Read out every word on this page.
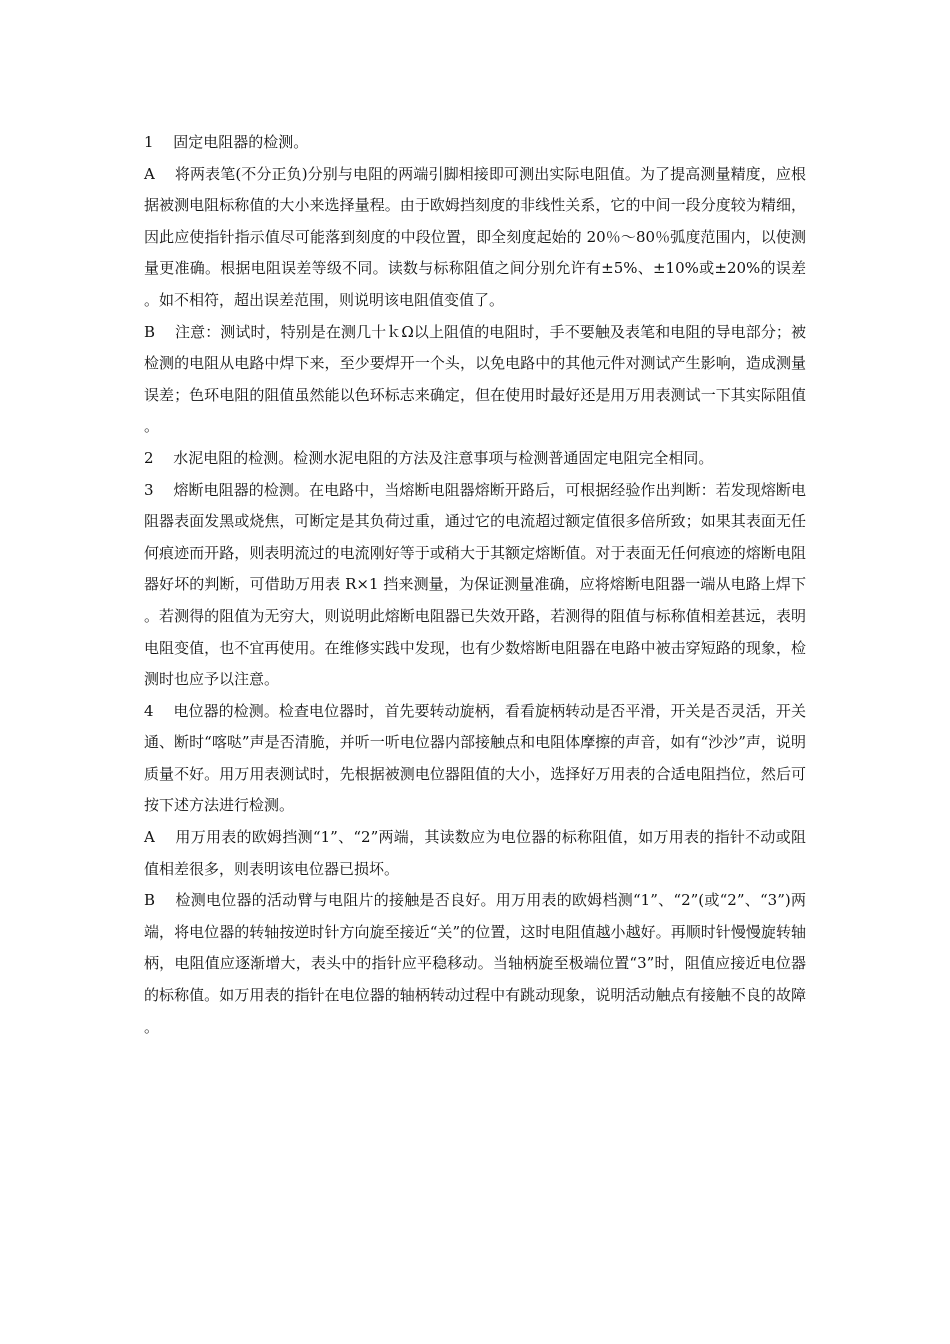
1　 固定电阻器的检测。

A　 将两表笔(不分正负)分别与电阻的两端引脚相接即可测出实际电阻值。为了提高测量精度，应根据被测电阻标称值的大小来选择量程。由于欧姆挡刻度的非线性关系，它的中间一段分度较为精细，因此应使指针指示值尽可能落到刻度的中段位置，即全刻度起始的 20％～80％弧度范围内，以使测量更准确。根据电阻误差等级不同。读数与标称阻值之间分别允许有±5%、±10%或±20%的误差。如不相符，超出误差范围，则说明该电阻值变值了。

B　 注意：测试时，特别是在测几十ｋΩ以上阻值的电阻时，手不要触及表笔和电阻的导电部分；被检测的电阻从电路中焊下来，至少要焊开一个头，以免电路中的其他元件对测试产生影响，造成测量误差；色环电阻的阻值虽然能以色环标志来确定，但在使用时最好还是用万用表测试一下其实际阻值。

2　 水泥电阻的检测。检测水泥电阻的方法及注意事项与检测普通固定电阻完全相同。

3　 熔断电阻器的检测。在电路中，当熔断电阻器熔断开路后，可根据经验作出判断：若发现熔断电阻器表面发黑或烧焦，可断定是其负荷过重，通过它的电流超过额定值很多倍所致；如果其表面无任何痕迹而开路，则表明流过的电流刚好等于或稍大于其额定熔断值。对于表面无任何痕迹的熔断电阻器好坏的判断，可借助万用表 R×1 挡来测量，为保证测量准确，应将熔断电阻器一端从电路上焊下。若测得的阻值为无穷大，则说明此熔断电阻器已失效开路，若测得的阻值与标称值相差甚远，表明电阻变值，也不宜再使用。在维修实践中发现，也有少数熔断电阻器在电路中被击穿短路的现象，检测时也应予以注意。

4　 电位器的检测。检查电位器时，首先要转动旋柄，看看旋柄转动是否平滑，开关是否灵活，开关通、断时“喀哒”声是否清脆，并听一听电位器内部接触点和电阻体摩擦的声音，如有“沙沙”声，说明质量不好。用万用表测试时，先根据被测电位器阻值的大小，选择好万用表的合适电阻挡位，然后可按下述方法进行检测。

A　 用万用表的欧姆挡测“1”、“2”两端，其读数应为电位器的标称阻值，如万用表的指针不动或阻值相差很多，则表明该电位器已损坏。

B　 检测电位器的活动臂与电阻片的接触是否良好。用万用表的欧姆档测“1”、“2”(或“2”、“3”)两端，将电位器的转轴按逆时针方向旋至接近“关”的位置，这时电阻值越小越好。再顺时针慢慢旋转轴柄，电阻值应逐渐增大，表头中的指针应平稳移动。当轴柄旋至极端位置“3”时，阻值应接近电位器的标称值。如万用表的指针在电位器的轴柄转动过程中有跳动现象，说明活动触点有接触不良的故障。
